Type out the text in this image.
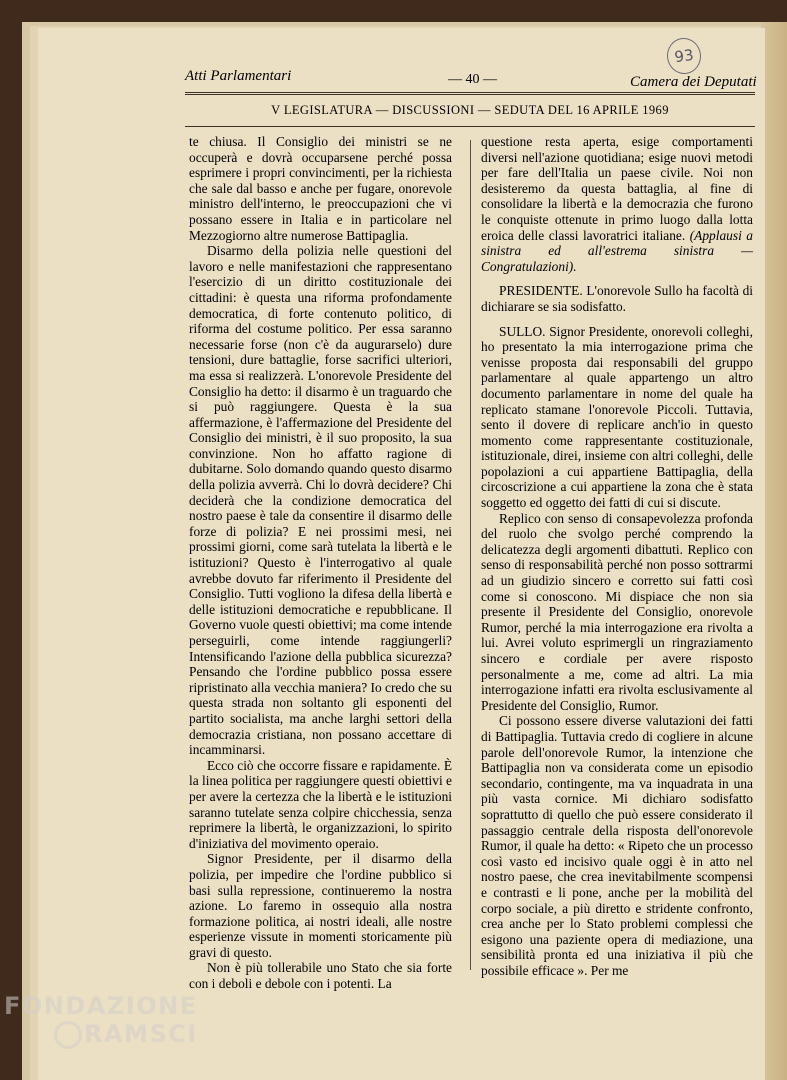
93
Atti Parlamentari	— 40 —	Camera dei Deputati
V LEGISLATURA — DISCUSSIONI — SEDUTA DEL 16 APRILE 1969

te chiusa. Il Consiglio dei ministri se ne occuperà e dovrà occuparsene perché possa esprimere i propri convincimenti, per la richiesta che sale dal basso e anche per fugare, onorevole ministro dell'interno, le preoccupazioni che vi possano essere in Italia e in particolare nel Mezzogiorno altre numerose Battipaglia.

Disarmo della polizia nelle questioni del lavoro e nelle manifestazioni che rappresentano l'esercizio di un diritto costituzionale dei cittadini: è questa una riforma profondamente democratica, di forte contenuto politico, di riforma del costume politico. Per essa saranno necessarie forse (non c'è da augurarselo) dure tensioni, dure battaglie, forse sacrifici ulteriori, ma essa si realizzerà. L'onorevole Presidente del Consiglio ha detto: il disarmo è un traguardo che si può raggiungere. Questa è la sua affermazione, è l'affermazione del Presidente del Consiglio dei ministri, è il suo proposito, la sua convinzione. Non ho affatto ragione di dubitarne. Solo domando quando questo disarmo della polizia avverrà. Chi lo dovrà decidere? Chi deciderà che la condizione democratica del nostro paese è tale da consentire il disarmo delle forze di polizia? E nei prossimi mesi, nei prossimi giorni, come sarà tutelata la libertà e le istituzioni? Questo è l'interrogativo al quale avrebbe dovuto far riferimento il Presidente del Consiglio. Tutti vogliono la difesa della libertà e delle istituzioni democratiche e repubblicane. Il Governo vuole questi obiettivi; ma come intende perseguirli, come intende raggiungerli? Intensificando l'azione della pubblica sicurezza? Pensando che l'ordine pubblico possa essere ripristinato alla vecchia maniera? Io credo che su questa strada non soltanto gli esponenti del partito socialista, ma anche larghi settori della democrazia cristiana, non possano accettare di incamminarsi.

Ecco ciò che occorre fissare e rapidamente. È la linea politica per raggiungere questi obiettivi e per avere la certezza che la libertà e le istituzioni saranno tutelate senza colpire chicchessia, senza reprimere la libertà, le organizzazioni, lo spirito d'iniziativa del movimento operaio.

Signor Presidente, per il disarmo della polizia, per impedire che l'ordine pubblico si basi sulla repressione, continueremo la nostra azione. Lo faremo in ossequio alla nostra formazione politica, ai nostri ideali, alle nostre esperienze vissute in momenti storicamente più gravi di questo.

Non è più tollerabile uno Stato che sia forte con i deboli e debole con i potenti. La

questione resta aperta, esige comportamenti diversi nell'azione quotidiana; esige nuovi metodi per fare dell'Italia un paese civile. Noi non desisteremo da questa battaglia, al fine di consolidare la libertà e la democrazia che furono le conquiste ottenute in primo luogo dalla lotta eroica delle classi lavoratrici italiane. (Applausi a sinistra ed all'estrema sinistra — Congratulazioni).

PRESIDENTE. L'onorevole Sullo ha facoltà di dichiarare se sia sodisfatto.

SULLO. Signor Presidente, onorevoli colleghi, ho presentato la mia interrogazione prima che venisse proposta dai responsabili del gruppo parlamentare al quale appartengo un altro documento parlamentare in nome del quale ha replicato stamane l'onorevole Piccoli. Tuttavia, sento il dovere di replicare anch'io in questo momento come rappresentante costituzionale, istituzionale, direi, insieme con altri colleghi, delle popolazioni a cui appartiene Battipaglia, della circoscrizione a cui appartiene la zona che è stata soggetto ed oggetto dei fatti di cui si discute.

Replico con senso di consapevolezza profonda del ruolo che svolgo perché comprendo la delicatezza degli argomenti dibattuti. Replico con senso di responsabilità perché non posso sottrarmi ad un giudizio sincero e corretto sui fatti così come si conoscono. Mi dispiace che non sia presente il Presidente del Consiglio, onorevole Rumor, perché la mia interrogazione era rivolta a lui. Avrei voluto esprimergli un ringraziamento sincero e cordiale per avere risposto personalmente a me, come ad altri. La mia interrogazione infatti era rivolta esclusivamente al Presidente del Consiglio, Rumor.

Ci possono essere diverse valutazioni dei fatti di Battipaglia. Tuttavia credo di cogliere in alcune parole dell'onorevole Rumor, la intenzione che Battipaglia non va considerata come un episodio secondario, contingente, ma va inquadrata in una più vasta cornice. Mi dichiaro sodisfatto soprattutto di quello che può essere considerato il passaggio centrale della risposta dell'onorevole Rumor, il quale ha detto: « Ripeto che un processo così vasto ed incisivo quale oggi è in atto nel nostro paese, che crea inevitabilmente scompensi e contrasti e li pone, anche per la mobilità del corpo sociale, a più diretto e stridente confronto, crea anche per lo Stato problemi complessi che esigono una paziente opera di mediazione, una sensibilità pronta ed una iniziativa il più che possibile efficace ». Per me

FONDAZIONE
RAMSCI
